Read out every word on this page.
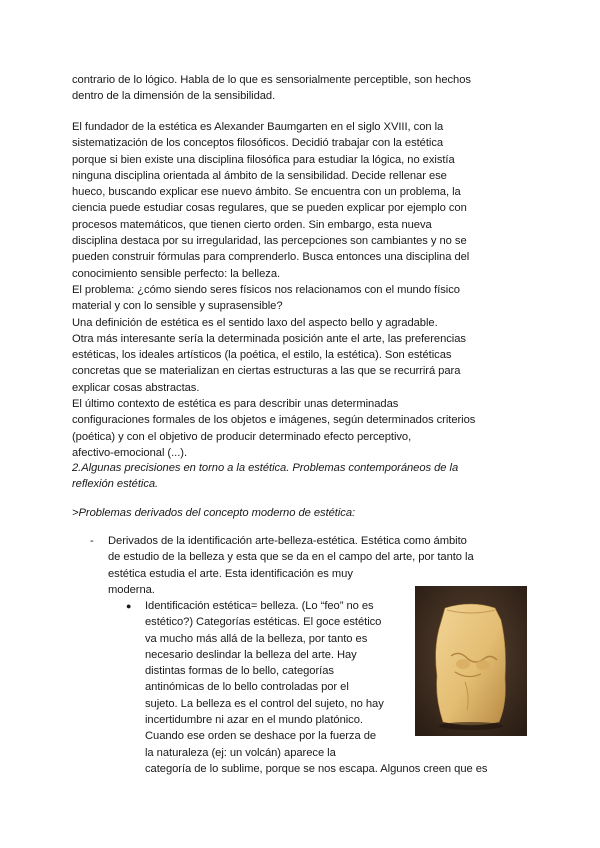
contrario de lo lógico. Habla de lo que es sensorialmente perceptible, son hechos
dentro de la dimensión de la sensibilidad.
El fundador de la estética es Alexander Baumgarten en el siglo XVIII, con la
sistematización de los conceptos filosóficos. Decidió trabajar con la estética
porque si bien existe una disciplina filosófica para estudiar la lógica, no existía
ninguna disciplina orientada al ámbito de la sensibilidad. Decide rellenar ese
hueco, buscando explicar ese nuevo ámbito. Se encuentra con un problema, la
ciencia puede estudiar cosas regulares, que se pueden explicar por ejemplo con
procesos matemáticos, que tienen cierto orden. Sin embargo, esta nueva
disciplina destaca por su irregularidad, las percepciones son cambiantes y no se
pueden construir fórmulas para comprenderlo. Busca entonces una disciplina del
conocimiento sensible perfecto: la belleza.
El problema: ¿cómo siendo seres físicos nos relacionamos con el mundo físico
material y con lo sensible y suprasensible?
Una definición de estética es el sentido laxo del aspecto bello y agradable.
Otra más interesante sería la determinada posición ante el arte, las preferencias
estéticas, los ideales artísticos (la poética, el estilo, la estética). Son estéticas
concretas que se materializan en ciertas estructuras a las que se recurrirá para
explicar cosas abstractas.
El último contexto de estética es para describir unas determinadas
configuraciones formales de los objetos e imágenes, según determinados criterios
(poética) y con el objetivo de producir determinado efecto perceptivo,
afectivo-emocional (...).
2.Algunas precisiones en torno a la estética. Problemas contemporáneos de la
reflexión estética.
>Problemas derivados del concepto moderno de estética:
- Derivados de la identificación arte-belleza-estética. Estética como ámbito
de estudio de la belleza y esta que se da en el campo del arte, por tanto la
estética estudia el arte. Esta identificación es muy
moderna.
● Identificación estética= belleza. (Lo “feo” no es
estético?) Categorías estéticas. El goce estético
va mucho más allá de la belleza, por tanto es
necesario deslindar la belleza del arte. Hay
distintas formas de lo bello, categorías
antinómicas de lo bello controladas por el
sujeto. La belleza es el control del sujeto, no hay
incertidumbre ni azar en el mundo platónico.
Cuando ese orden se deshace por la fuerza de
la naturaleza (ej: un volcán) aparece la
categoría de lo sublime, porque se nos escapa. Algunos creen que es
